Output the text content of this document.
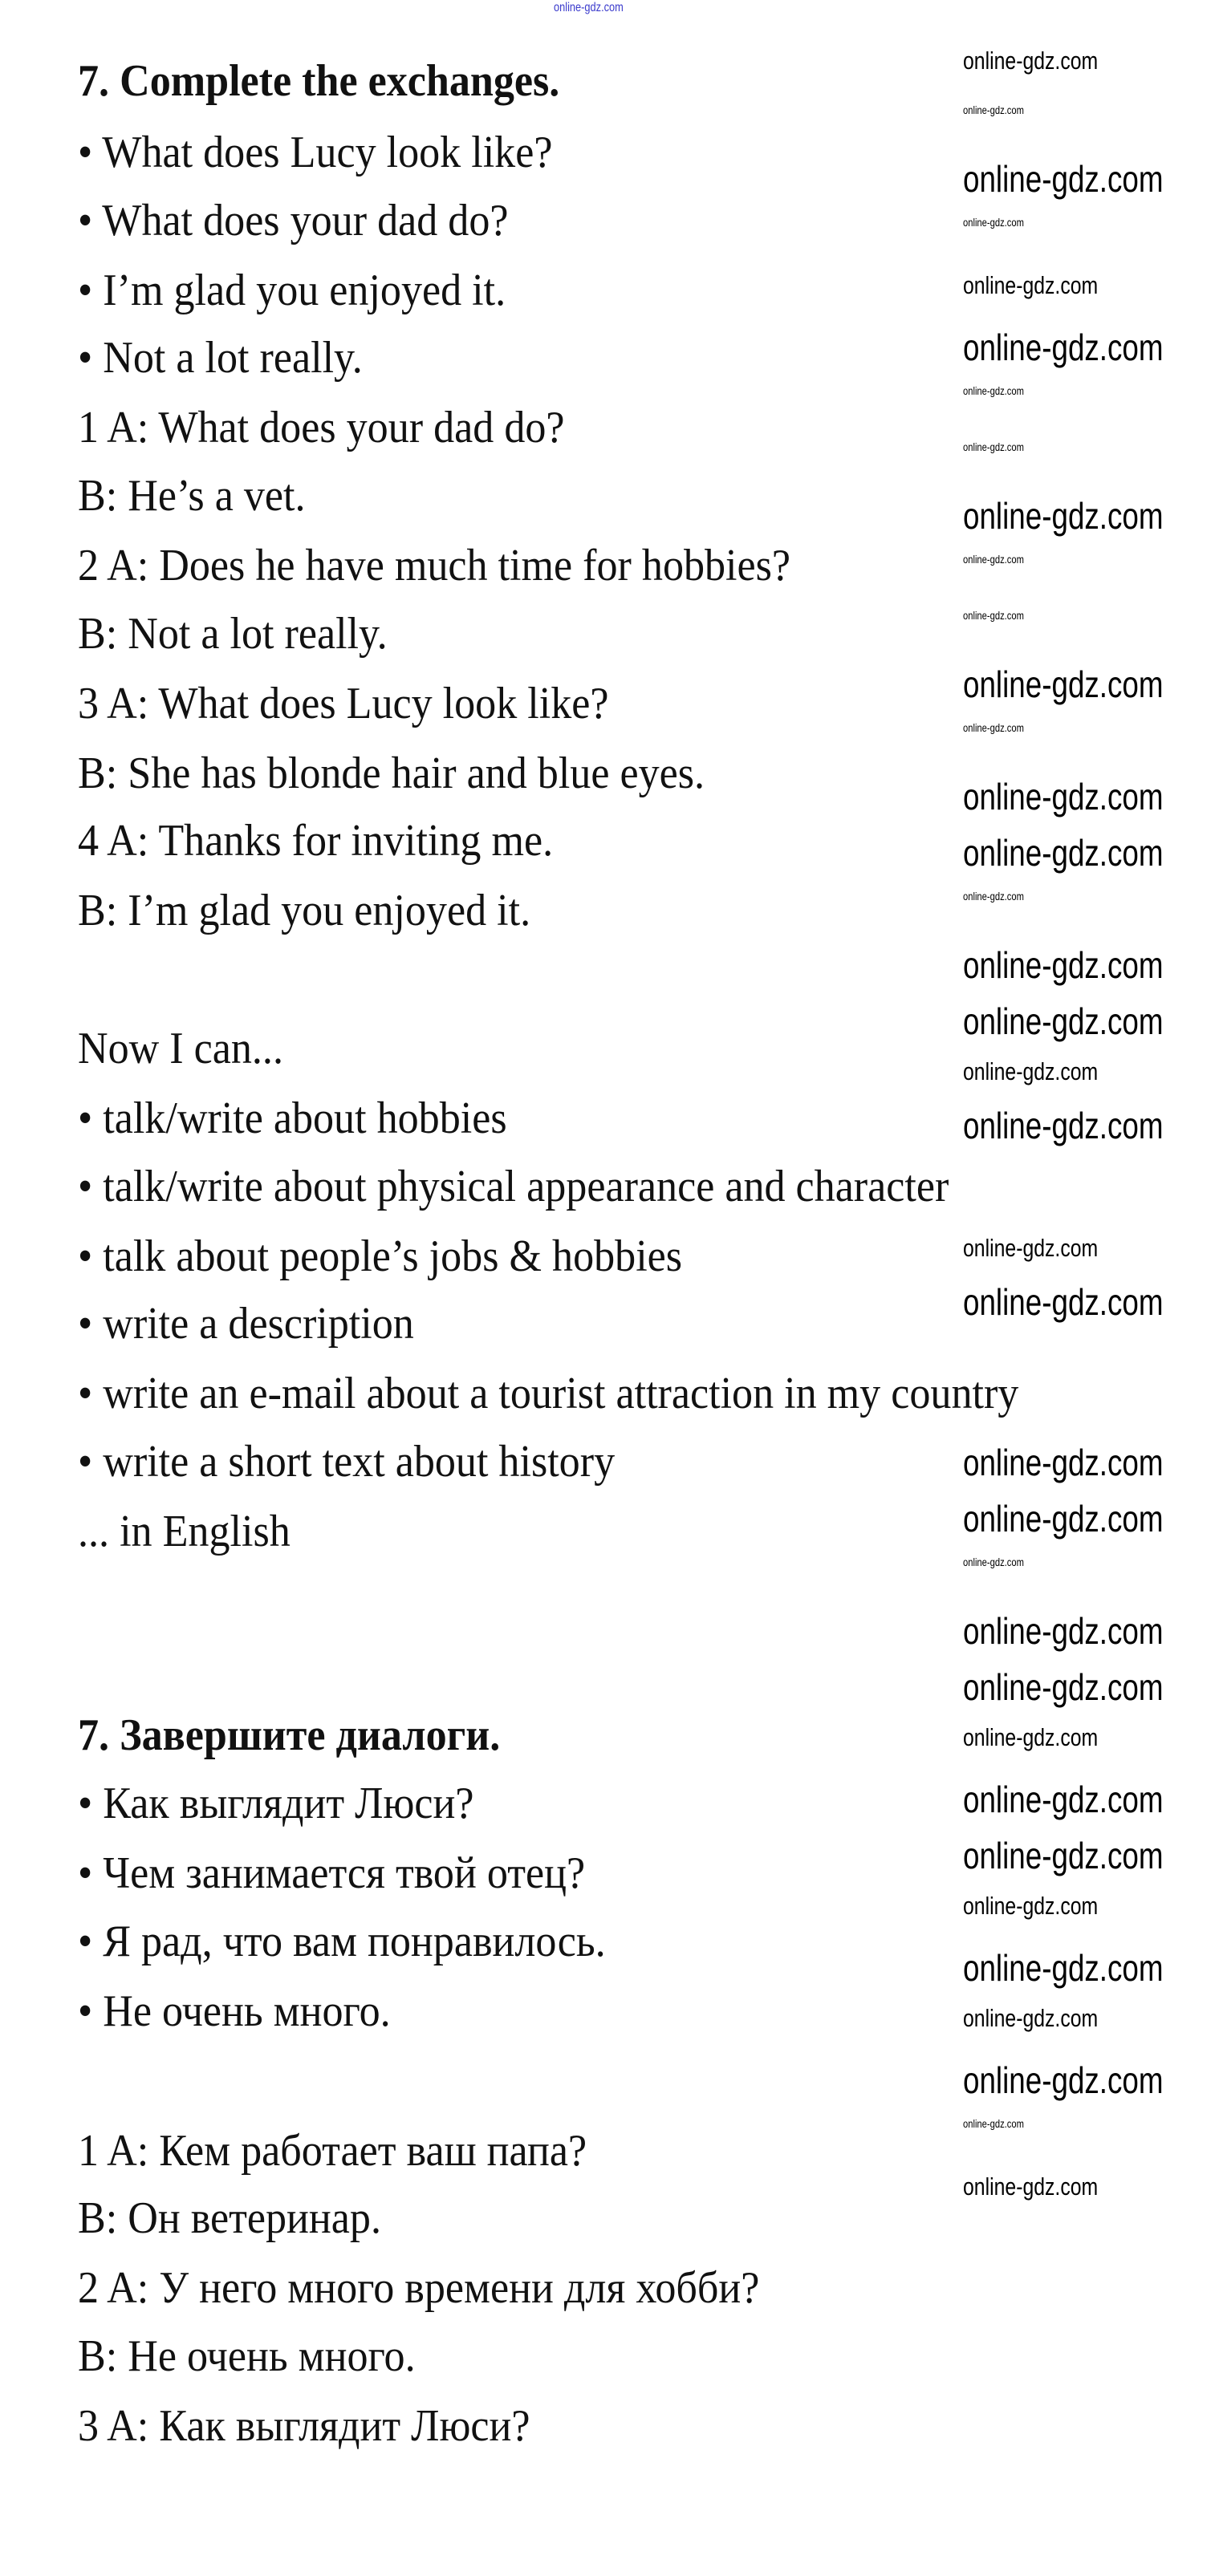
7. Complete the exchanges.
• What does Lucy look like?
• What does your dad do?
• I’m glad you enjoyed it.
• Not a lot really.
1 A: What does your dad do?
B: He’s a vet.
2 A: Does he have much time for hobbies?
B: Not a lot really.
3 A: What does Lucy look like?
B: She has blonde hair and blue eyes.
4 A: Thanks for inviting me.
B: I’m glad you enjoyed it.
Now I can...
• talk/write about hobbies
• talk/write about physical appearance and character
• talk about people’s jobs & hobbies
• write a description
• write an e-mail about a tourist attraction in my country
• write a short text about history
... in English
7. Завершите диалоги.
• Как выглядит Люси?
• Чем занимается твой отец?
• Я рад, что вам понравилось.
• Не очень много.
1 A: Кем работает ваш папа?
B: Он ветеринар.
2 A: У него много времени для хобби?
B: Не очень много.
3 A: Как выглядит Люси?
online-gdz.com
online-gdz.com
online-gdz.com
online-gdz.com
online-gdz.com
online-gdz.com
online-gdz.com
online-gdz.com
online-gdz.com
online-gdz.com
online-gdz.com
online-gdz.com
online-gdz.com
online-gdz.com
online-gdz.com
online-gdz.com
online-gdz.com
online-gdz.com
online-gdz.com
online-gdz.com
online-gdz.com
online-gdz.com
online-gdz.com
online-gdz.com
online-gdz.com
online-gdz.com
online-gdz.com
online-gdz.com
online-gdz.com
online-gdz.com
online-gdz.com
online-gdz.com
online-gdz.com
online-gdz.com
online-gdz.com
online-gdz.com
online-gdz.com
